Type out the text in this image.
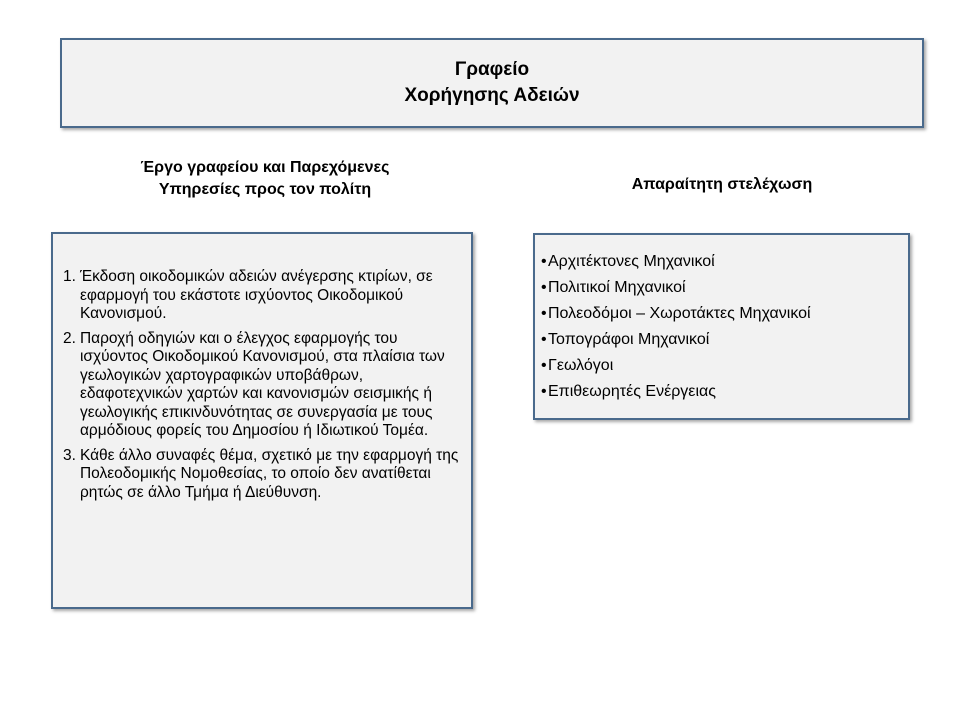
Γραφείο
Χορήγησης Αδειών
Έργο γραφείου και Παρεχόμενες
Υπηρεσίες προς τον πολίτη	Απαραίτητη στελέχωση
1. Έκδοση οικοδομικών αδειών ανέγερσης κτιρίων, σε εφαρμογή του εκάστοτε ισχύοντος Οικοδομικού Κανονισμού.
2. Παροχή οδηγιών και ο έλεγχος εφαρμογής του ισχύοντος Οικοδομικού Κανονισμού, στα πλαίσια των γεωλογικών χαρτογραφικών υποβάθρων, εδαφοτεχνικών χαρτών και κανονισμών σεισμικής ή γεωλογικής επικινδυνότητας σε συνεργασία με τους αρμόδιους φορείς του Δημοσίου ή Ιδιωτικού Τομέα.
3. Κάθε άλλο συναφές θέμα, σχετικό με την εφαρμογή της Πολεοδομικής Νομοθεσίας, το οποίο δεν ανατίθεται ρητώς σε άλλο Τμήμα ή Διεύθυνση.
•Αρχιτέκτονες Μηχανικοί
•Πολιτικοί Μηχανικοί
•Πολεοδόμοι – Χωροτάκτες Μηχανικοί
•Τοπογράφοι Μηχανικοί
•Γεωλόγοι
•Επιθεωρητές Ενέργειας
